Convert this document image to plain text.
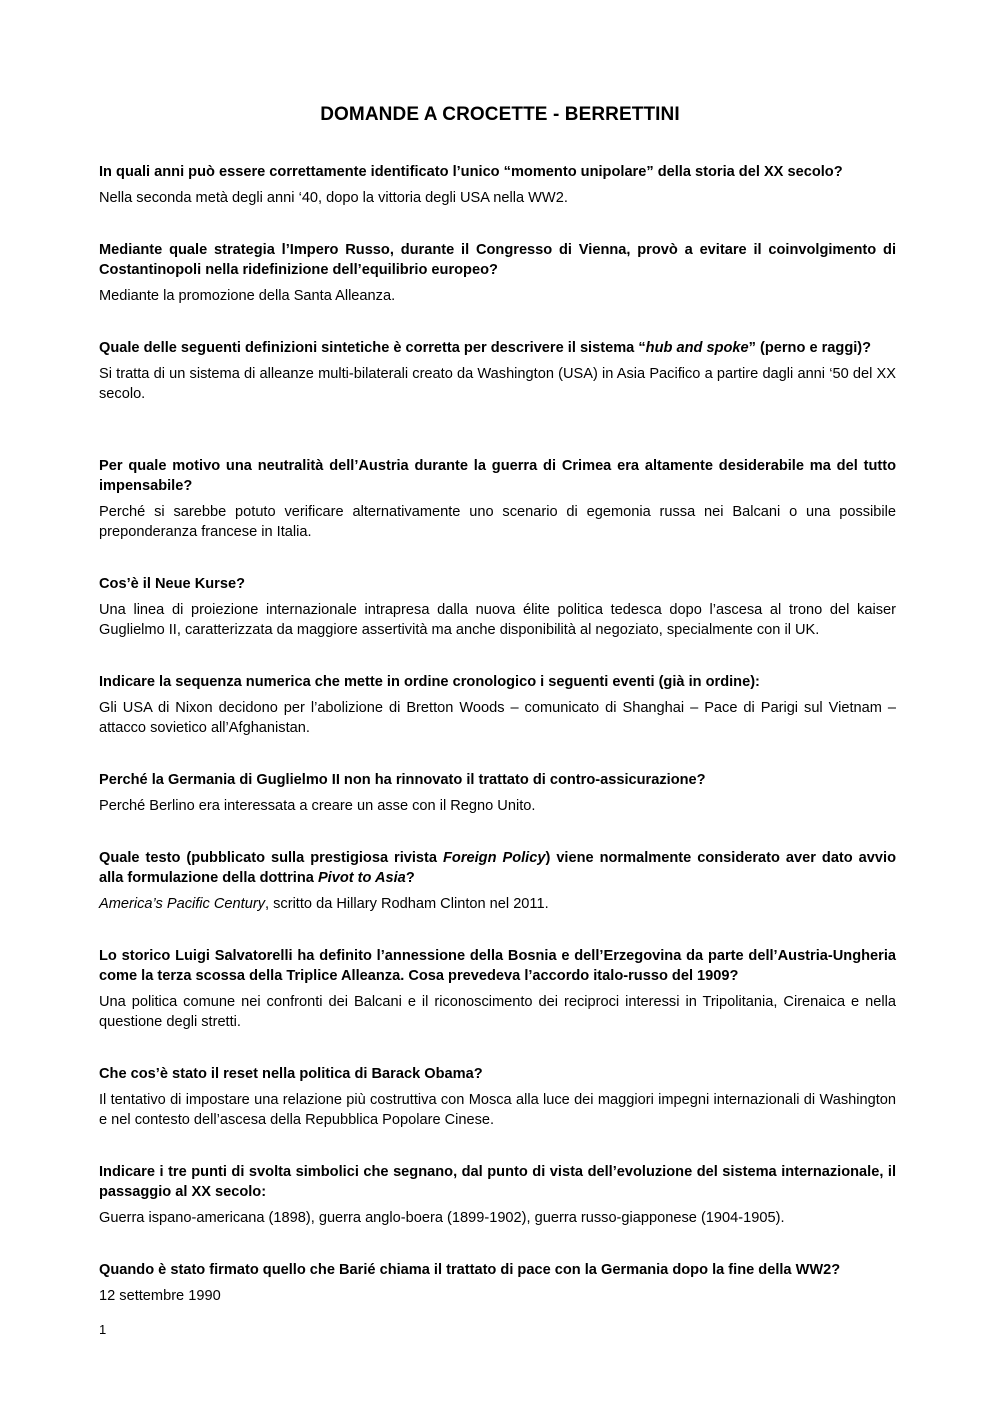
DOMANDE A CROCETTE - BERRETTINI

In quali anni può essere correttamente identificato l’unico “momento unipolare” della storia del XX secolo?

Nella seconda metà degli anni ‘40, dopo la vittoria degli USA nella WW2.

Mediante quale strategia l’Impero Russo, durante il Congresso di Vienna, provò a evitare il coinvolgimento di Costantinopoli nella ridefinizione dell’equilibrio europeo?

Mediante la promozione della Santa Alleanza.

Quale delle seguenti definizioni sintetiche è corretta per descrivere il sistema “hub and spoke” (perno e raggi)?

Si tratta di un sistema di alleanze multi-bilaterali creato da Washington (USA) in Asia Pacifico a partire dagli anni ‘50 del XX secolo.

Per quale motivo una neutralità dell’Austria durante la guerra di Crimea era altamente desiderabile ma del tutto impensabile?

Perché si sarebbe potuto verificare alternativamente uno scenario di egemonia russa nei Balcani o una possibile preponderanza francese in Italia.

Cos’è il Neue Kurse?

Una linea di proiezione internazionale intrapresa dalla nuova élite politica tedesca dopo l’ascesa al trono del kaiser Guglielmo II, caratterizzata da maggiore assertività ma anche disponibilità al negoziato, specialmente con il UK.

Indicare la sequenza numerica che mette in ordine cronologico i seguenti eventi (già in ordine):

Gli USA di Nixon decidono per l’abolizione di Bretton Woods – comunicato di Shanghai – Pace di Parigi sul Vietnam – attacco sovietico all’Afghanistan.

Perché la Germania di Guglielmo II non ha rinnovato il trattato di contro-assicurazione?

Perché Berlino era interessata a creare un asse con il Regno Unito.

Quale testo (pubblicato sulla prestigiosa rivista Foreign Policy) viene normalmente considerato aver dato avvio alla formulazione della dottrina Pivot to Asia?

America’s Pacific Century, scritto da Hillary Rodham Clinton nel 2011.

Lo storico Luigi Salvatorelli ha definito l’annessione della Bosnia e dell’Erzegovina da parte dell’Austria-Ungheria come la terza scossa della Triplice Alleanza. Cosa prevedeva l’accordo italo-russo del 1909?

Una politica comune nei confronti dei Balcani e il riconoscimento dei reciproci interessi in Tripolitania, Cirenaica e nella questione degli stretti.

Che cos’è stato il reset nella politica di Barack Obama?

Il tentativo di impostare una relazione più costruttiva con Mosca alla luce dei maggiori impegni internazionali di Washington e nel contesto dell’ascesa della Repubblica Popolare Cinese.

Indicare i tre punti di svolta simbolici che segnano, dal punto di vista dell’evoluzione del sistema internazionale, il passaggio al XX secolo:

Guerra ispano-americana (1898), guerra anglo-boera (1899-1902), guerra russo-giapponese (1904-1905).

Quando è stato firmato quello che Barié chiama il trattato di pace con la Germania dopo la fine della WW2?

12 settembre 1990

1
